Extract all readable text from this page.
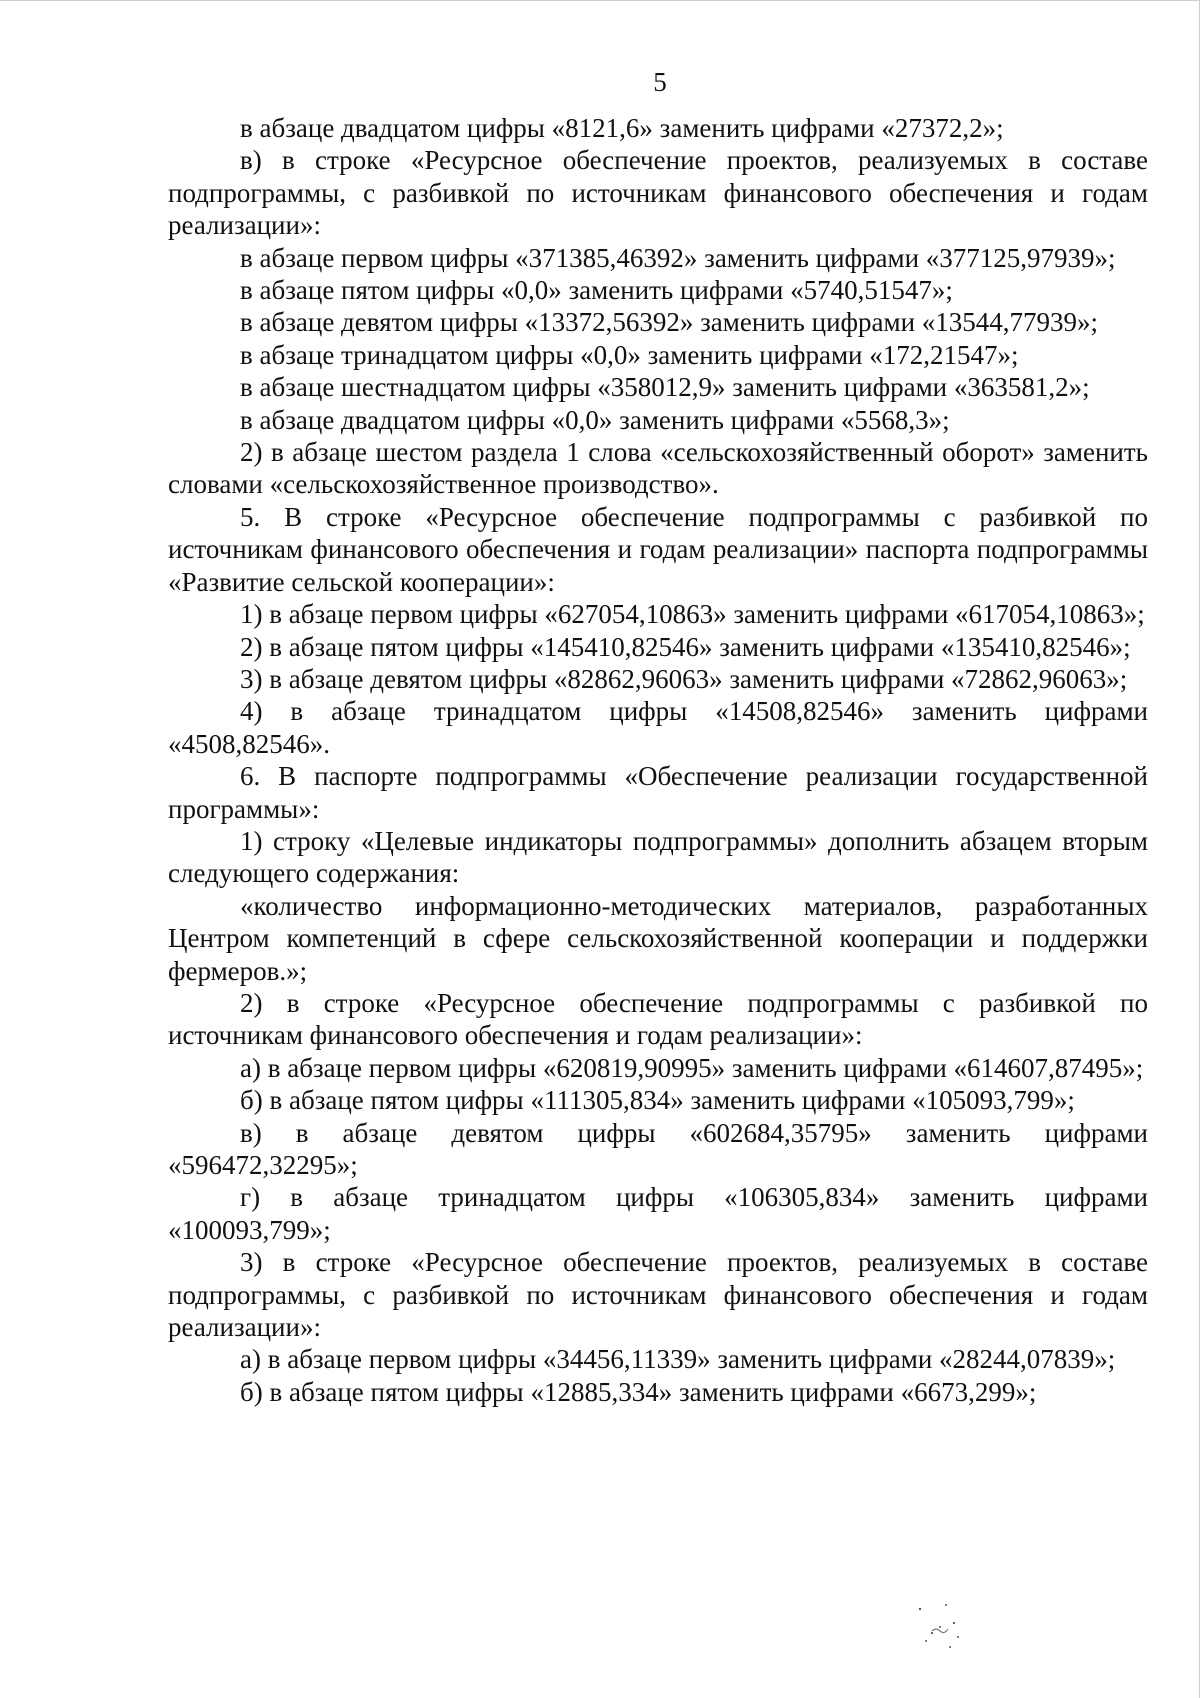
5

в абзаце двадцатом цифры «8121,6» заменить цифрами «27372,2»;

в) в строке «Ресурсное обеспечение проектов, реализуемых в составе подпрограммы, с разбивкой по источникам финансового обеспечения и годам реализации»:

в абзаце первом цифры «371385,46392» заменить цифрами «377125,97939»;

в абзаце пятом цифры «0,0» заменить цифрами «5740,51547»;

в абзаце девятом цифры «13372,56392» заменить цифрами «13544,77939»;

в абзаце тринадцатом цифры «0,0» заменить цифрами «172,21547»;

в абзаце шестнадцатом цифры «358012,9» заменить цифрами «363581,2»;

в абзаце двадцатом цифры «0,0» заменить цифрами «5568,3»;

2) в абзаце шестом раздела 1 слова «сельскохозяйственный оборот» заменить словами «сельскохозяйственное производство».

5. В строке «Ресурсное обеспечение подпрограммы с разбивкой по источникам финансового обеспечения и годам реализации» паспорта подпрограммы «Развитие сельской кооперации»:

1) в абзаце первом цифры «627054,10863» заменить цифрами «617054,10863»;

2) в абзаце пятом цифры «145410,82546» заменить цифрами «135410,82546»;

3) в абзаце девятом цифры «82862,96063» заменить цифрами «72862,96063»;

4) в абзаце тринадцатом цифры «14508,82546» заменить цифрами «4508,82546».

6. В паспорте подпрограммы «Обеспечение реализации государственной программы»:

1) строку «Целевые индикаторы подпрограммы» дополнить абзацем вторым следующего содержания:

«количество информационно-методических материалов, разработанных Центром компетенций в сфере сельскохозяйственной кооперации и поддержки фермеров.»;

2) в строке «Ресурсное обеспечение подпрограммы с разбивкой по источникам финансового обеспечения и годам реализации»:

а) в абзаце первом цифры «620819,90995» заменить цифрами «614607,87495»;

б) в абзаце пятом цифры «111305,834» заменить цифрами «105093,799»;

в) в абзаце девятом цифры «602684,35795» заменить цифрами «596472,32295»;

г) в абзаце тринадцатом цифры «106305,834» заменить цифрами «100093,799»;

3) в строке «Ресурсное обеспечение проектов, реализуемых в составе подпрограммы, с разбивкой по источникам финансового обеспечения и годам реализации»:

а) в абзаце первом цифры «34456,11339» заменить цифрами «28244,07839»;

б) в абзаце пятом цифры «12885,334» заменить цифрами «6673,299»;
